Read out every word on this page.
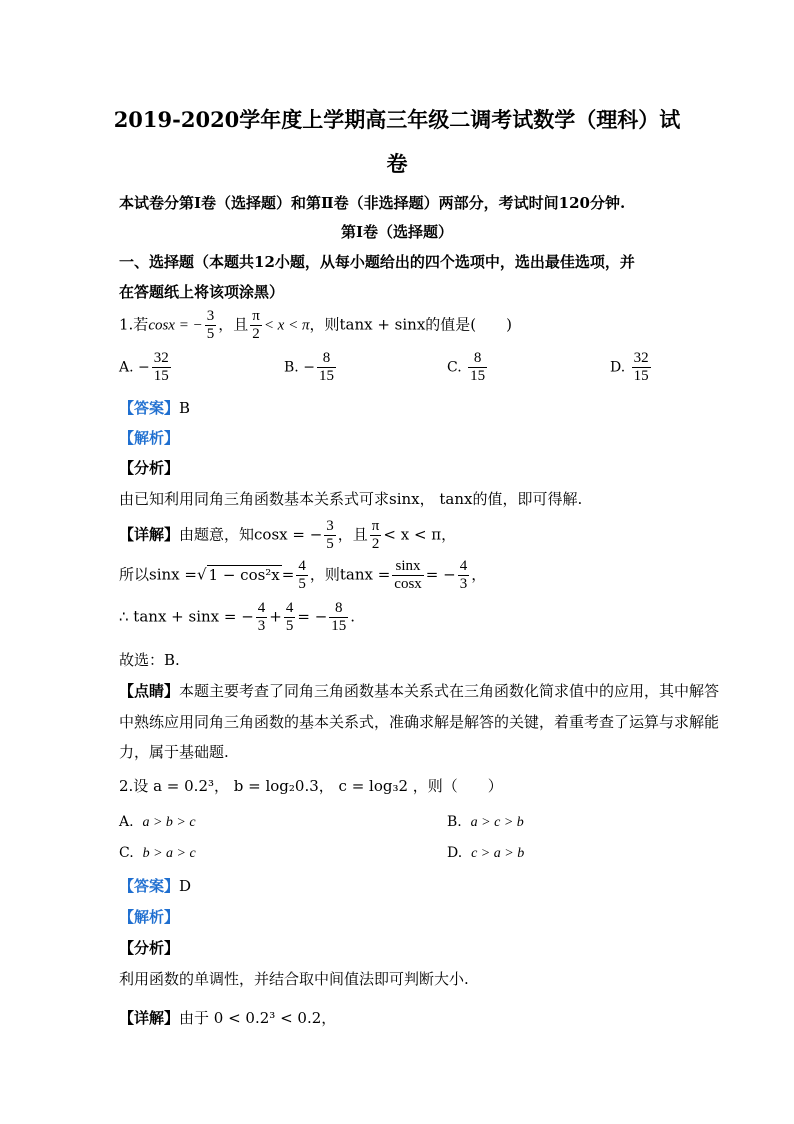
2019-2020学年度上学期高三年级二调考试数学（理科）试
卷
本试卷分第Ⅰ卷（选择题）和第Ⅱ卷（非选择题）两部分，考试时间120分钟.
第Ⅰ卷（选择题）
一、选择题（本题共12小题，从每小题给出的四个选项中，选出最佳选项，并
在答题纸上将该项涂黑）
1.若cosx = − $\frac{3}{5}$ ，且 $\frac{\pi}{2} < x < \pi$，则tanx + sinx的值是(　　)
A. − $\frac{32}{15}$	B. − $\frac{8}{15}$	C. $\frac{8}{15}$	D. $\frac{32}{15}$
【答案】B
【解析】
【分析】
由已知利用同角三角函数基本关系式可求sinx， tanx的值，即可得解.
【详解】由题意，知cosx = − $\frac{3}{5}$ ，且 $\frac{\pi}{2} < x < \pi$，
所以sinx =√ $1 - \cos^2x = \frac{4}{5}$ ，则$\tan x = \frac{\sin x}{\cos x}$ = − $\frac{4}{3}$ ，
∴ tanx + sinx = − $\frac{4}{3} + \frac{4}{5}$ = − $\frac{8}{15}$ .
故选：B.
【点睛】本题主要考查了同角三角函数基本关系式在三角函数化简求值中的应用，其中解答
中熟练应用同角三角函数的基本关系式，准确求解是解答的关键，着重考查了运算与求解能
力，属于基础题.
2.设 a = 0.2³， b = log₂0.3， c = log₃2 ，则（　　）
A. a > b > c	B. a > c > b
C. b > a > c	D. c > a > b
【答案】D
【解析】
【分析】
利用函数的单调性，并结合取中间值法即可判断大小.
【详解】由于 0 < 0.2³ < 0.2，
